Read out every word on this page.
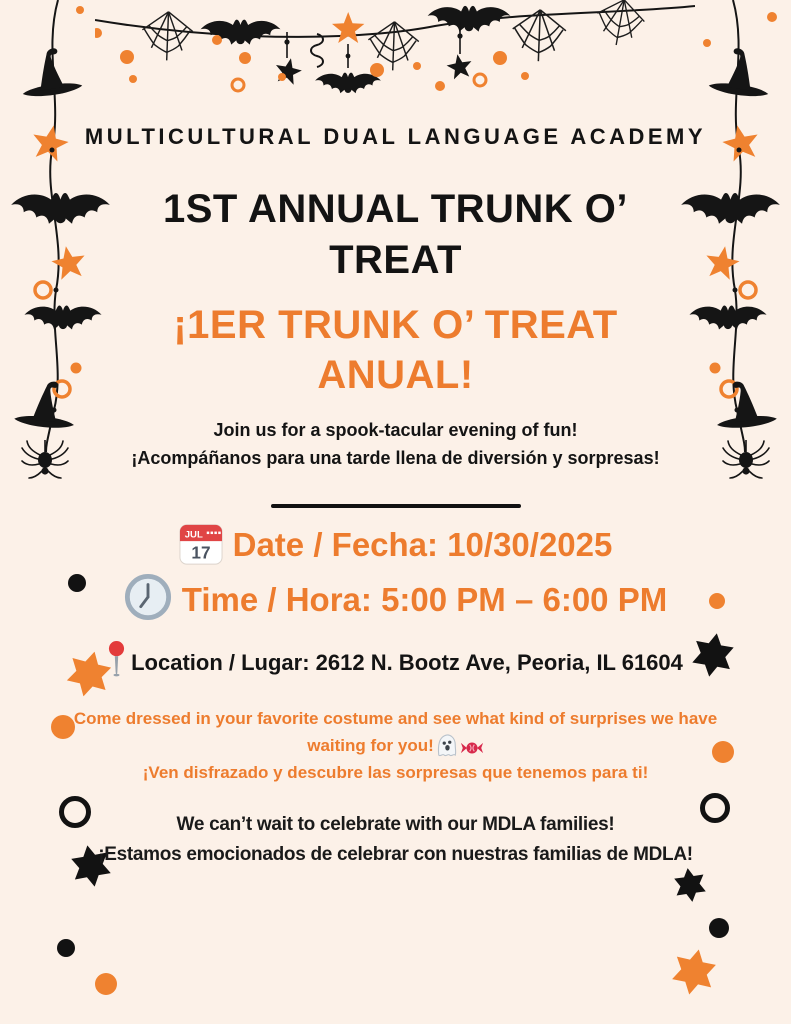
MULTICULTURAL DUAL LANGUAGE ACADEMY
1ST ANNUAL TRUNK O’ TREAT
¡1ER TRUNK O’ TREAT ANUAL!
Join us for a spook-tacular evening of fun!
¡Acompáñanos para una tarde llena de diversión y sorpresas!
JUL
17 Date / Fecha: 10/30/2025
Time / Hora: 5:00 PM – 6:00 PM
Location / Lugar: 2612 N. Bootz Ave, Peoria, IL 61604
Come dressed in your favorite costume and see what kind of surprises we have waiting for you!
¡Ven disfrazado y descubre las sorpresas que tenemos para ti!
We can’t wait to celebrate with our MDLA families!
¡Estamos emocionados de celebrar con nuestras familias de MDLA!
